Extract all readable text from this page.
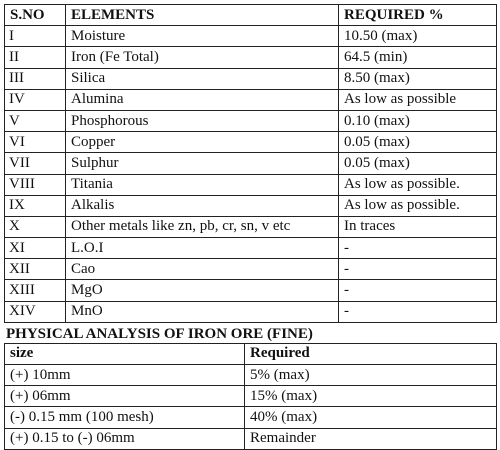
S.NO	ELEMENTS	REQUIRED %
I	Moisture	10.50 (max)
II	Iron (Fe Total)	64.5 (min)
III	Silica	8.50 (max)
IV	Alumina	As low as possible
V	Phosphorous	0.10 (max)
VI	Copper	0.05 (max)
VII	Sulphur	0.05 (max)
VIII	Titania	As low as possible.
IX	Alkalis	As low as possible.
X	Other metals like zn, pb, cr, sn, v etc	In traces
XI	L.O.I	-
XII	Cao	-
XIII	MgO	-
XIV	MnO	-
PHYSICAL ANALYSIS OF IRON ORE (FINE)
size	Required
(+) 10mm	5% (max)
(+) 06mm	15% (max)
(-) 0.15 mm (100 mesh)	40% (max)
(+) 0.15 to (-) 06mm	Remainder
